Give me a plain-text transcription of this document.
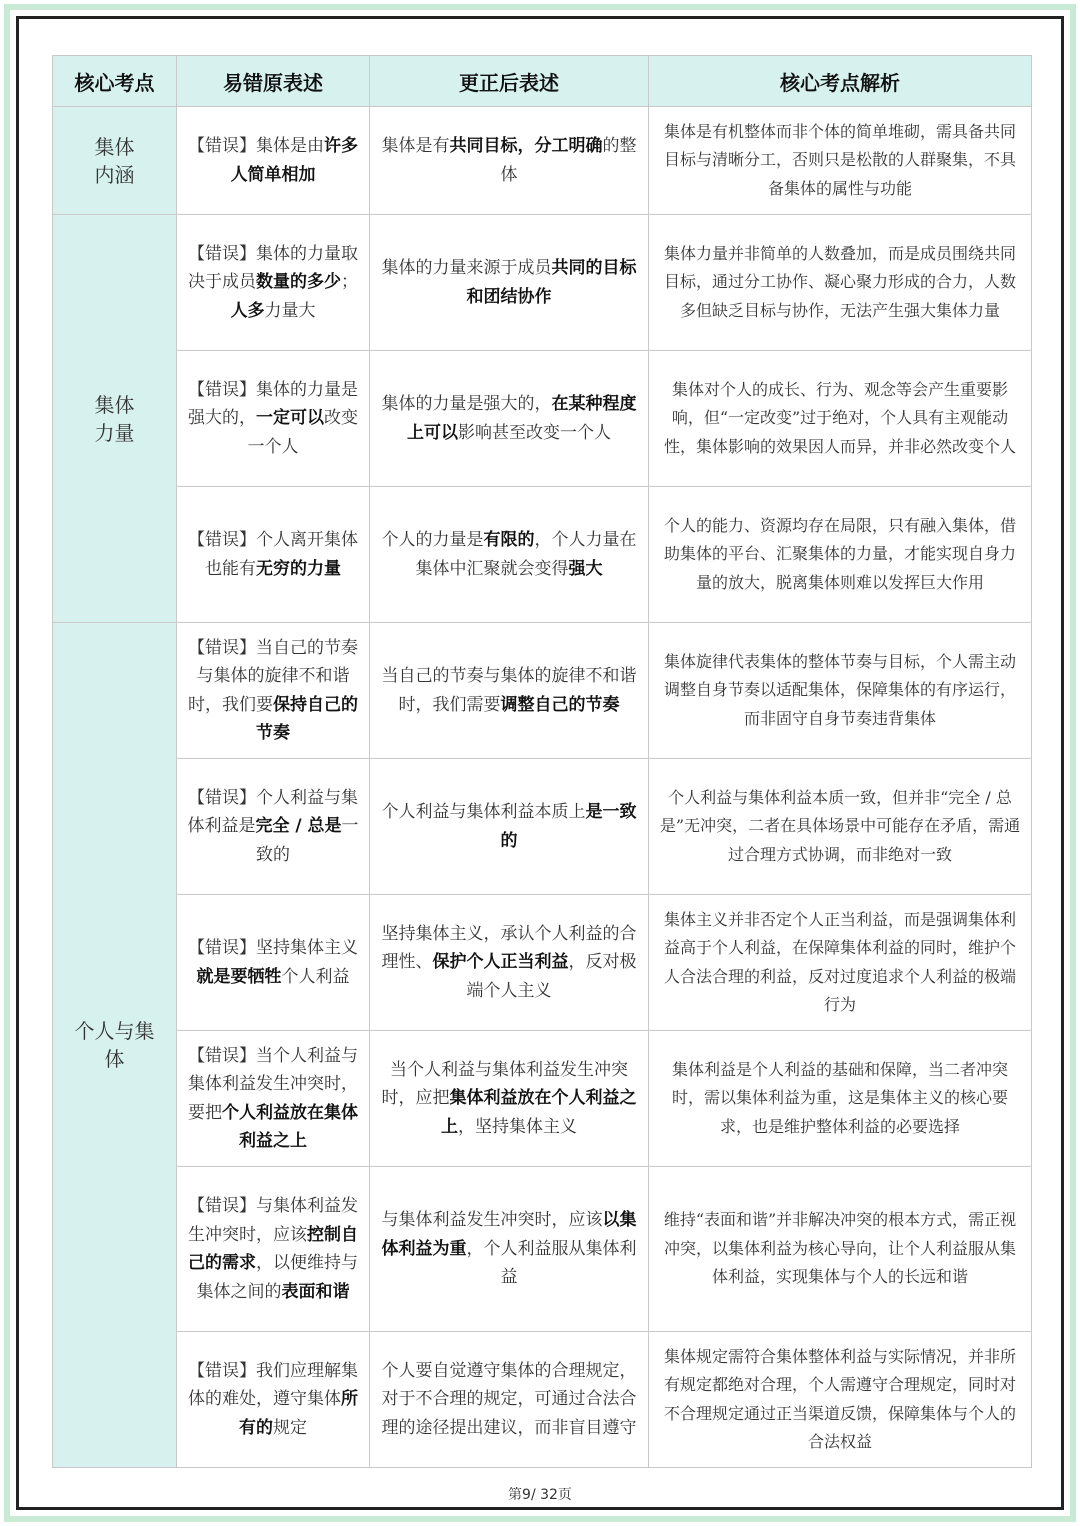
核心考点	易错原表述	更正后表述	核心考点解析

集体内涵	【错误】集体是由许多人简单相加	集体是有共同目标，分工明确的整体	集体是有机整体而非个体的简单堆砌，需具备共同目标与清晰分工，否则只是松散的人群聚集，不具备集体的属性与功能

集体力量	【错误】集体的力量取决于成员数量的多少；人多力量大	集体的力量来源于成员共同的目标和团结协作	集体力量并非简单的人数叠加，而是成员围绕共同目标，通过分工协作、凝心聚力形成的合力，人数多但缺乏目标与协作，无法产生强大集体力量
	【错误】集体的力量是强大的，一定可以改变一个人	集体的力量是强大的，在某种程度上可以影响甚至改变一个人	集体对个人的成长、行为、观念等会产生重要影响，但“一定改变”过于绝对，个人具有主观能动性，集体影响的效果因人而异，并非必然改变个人
	【错误】个人离开集体也能有无穷的力量	个人的力量是有限的，个人力量在集体中汇聚就会变得强大	个人的能力、资源均存在局限，只有融入集体，借助集体的平台、汇聚集体的力量，才能实现自身力量的放大，脱离集体则难以发挥巨大作用

个人与集体	【错误】当自己的节奏与集体的旋律不和谐时，我们要保持自己的节奏	当自己的节奏与集体的旋律不和谐时，我们需要调整自己的节奏	集体旋律代表集体的整体节奏与目标，个人需主动调整自身节奏以适配集体，保障集体的有序运行，而非固守自身节奏违背集体
	【错误】个人利益与集体利益是完全 / 总是一致的	个人利益与集体利益本质上是一致的	个人利益与集体利益本质一致，但并非“完全 / 总是”无冲突，二者在具体场景中可能存在矛盾，需通过合理方式协调，而非绝对一致
	【错误】坚持集体主义就是要牺牲个人利益	坚持集体主义，承认个人利益的合理性、保护个人正当利益，反对极端个人主义	集体主义并非否定个人正当利益，而是强调集体利益高于个人利益，在保障集体利益的同时，维护个人合法合理的利益，反对过度追求个人利益的极端行为
	【错误】当个人利益与集体利益发生冲突时，要把个人利益放在集体利益之上	当个人利益与集体利益发生冲突时，应把集体利益放在个人利益之上，坚持集体主义	集体利益是个人利益的基础和保障，当二者冲突时，需以集体利益为重，这是集体主义的核心要求，也是维护整体利益的必要选择
	【错误】与集体利益发生冲突时，应该控制自己的需求，以便维持与集体之间的表面和谐	与集体利益发生冲突时，应该以集体利益为重，个人利益服从集体利益	维持“表面和谐”并非解决冲突的根本方式，需正视冲突，以集体利益为核心导向，让个人利益服从集体利益，实现集体与个人的长远和谐
	【错误】我们应理解集体的难处，遵守集体所有的规定	个人要自觉遵守集体的合理规定，对于不合理的规定，可通过合法合理的途径提出建议，而非盲目遵守	集体规定需符合集体整体利益与实际情况，并非所有规定都绝对合理，个人需遵守合理规定，同时对不合理规定通过正当渠道反馈，保障集体与个人的合法权益
第9/ 32页
